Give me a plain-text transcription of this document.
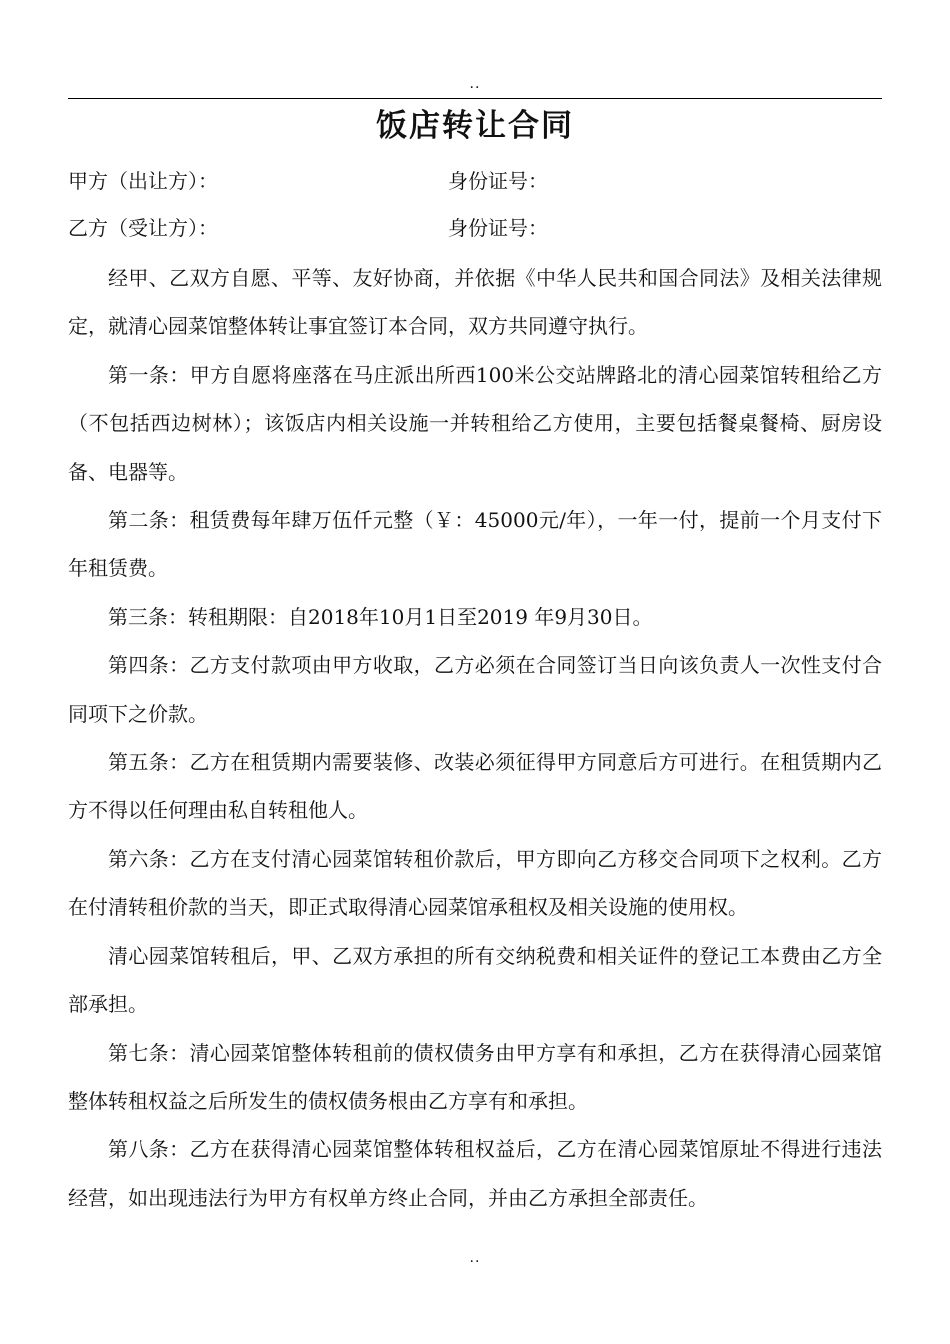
..
饭店转让合同
甲方（出让方）：	身份证号：
乙方（受让方）：	身份证号：

经甲、乙双方自愿、平等、友好协商，并依据《中华人民共和国合同法》及相关法律规定，就清心园菜馆整体转让事宜签订本合同，双方共同遵守执行。

第一条：甲方自愿将座落在马庄派出所西100米公交站牌路北的清心园菜馆转租给乙方（不包括西边树林）；该饭店内相关设施一并转租给乙方使用，主要包括餐桌餐椅、厨房设备、电器等。

第二条：租赁费每年肆万伍仟元整（￥：45000元/年），一年一付，提前一个月支付下年租赁费。

第三条：转租期限：自2018年10月1日至2019 年9月30日。

第四条：乙方支付款项由甲方收取，乙方必须在合同签订当日向该负责人一次性支付合同项下之价款。

第五条：乙方在租赁期内需要装修、改装必须征得甲方同意后方可进行。在租赁期内乙方不得以任何理由私自转租他人。

第六条：乙方在支付清心园菜馆转租价款后，甲方即向乙方移交合同项下之权利。乙方在付清转租价款的当天，即正式取得清心园菜馆承租权及相关设施的使用权。

清心园菜馆转租后，甲、乙双方承担的所有交纳税费和相关证件的登记工本费由乙方全部承担。

第七条：清心园菜馆整体转租前的债权债务由甲方享有和承担，乙方在获得清心园菜馆整体转租权益之后所发生的债权债务根由乙方享有和承担。

第八条：乙方在获得清心园菜馆整体转租权益后，乙方在清心园菜馆原址不得进行违法经营，如出现违法行为甲方有权单方终止合同，并由乙方承担全部责任。

..
